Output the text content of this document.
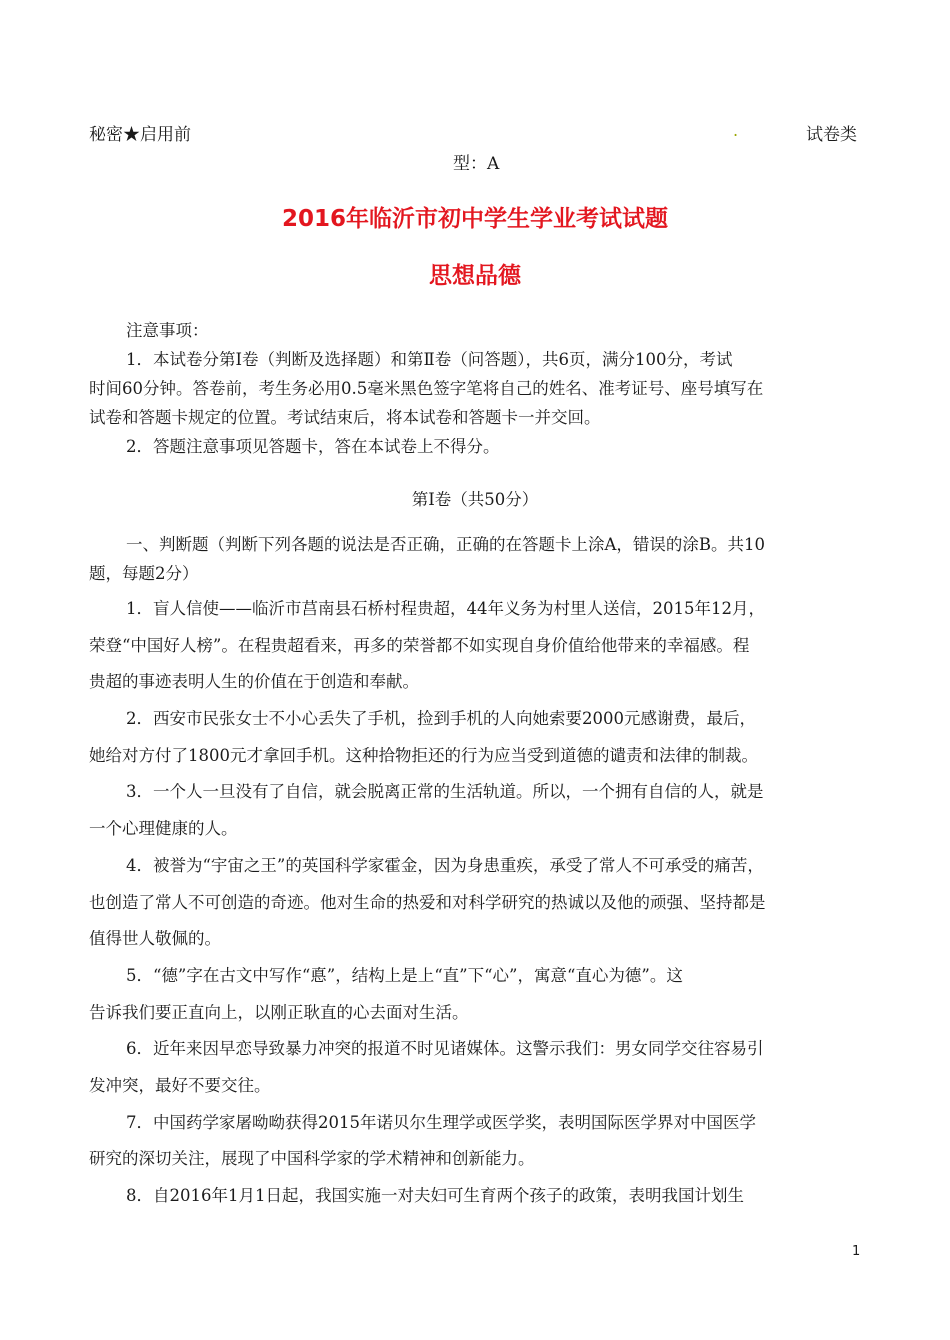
秘密★启用前	.	试卷类
型：A
2016年临沂市初中学生学业考试试题
思想品德
注意事项：
1．本试卷分第Ⅰ卷（判断及选择题）和第Ⅱ卷（问答题），共6页，满分100分，考试
时间60分钟。答卷前，考生务必用0.5毫米黑色签字笔将自己的姓名、准考证号、座号填写在
试卷和答题卡规定的位置。考试结束后，将本试卷和答题卡一并交回。
2．答题注意事项见答题卡，答在本试卷上不得分。
第Ⅰ卷（共50分）
一、判断题（判断下列各题的说法是否正确，正确的在答题卡上涂A，错误的涂B。共10
题，每题2分）
1．盲人信使——临沂市莒南县石桥村程贵超，44年义务为村里人送信，2015年12月，
荣登“中国好人榜”。在程贵超看来，再多的荣誉都不如实现自身价值给他带来的幸福感。程
贵超的事迹表明人生的价值在于创造和奉献。
2．西安市民张女士不小心丢失了手机，捡到手机的人向她索要2000元感谢费，最后，
她给对方付了1800元才拿回手机。这种拾物拒还的行为应当受到道德的谴责和法律的制裁。
3．一个人一旦没有了自信，就会脱离正常的生活轨道。所以，一个拥有自信的人，就是
一个心理健康的人。
4．被誉为“宇宙之王”的英国科学家霍金，因为身患重疾，承受了常人不可承受的痛苦，
也创造了常人不可创造的奇迹。他对生命的热爱和对科学研究的热诚以及他的顽强、坚持都是
值得世人敬佩的。
5．“德”字在古文中写作“悳”，结构上是上“直”下“心”，寓意“直心为德”。这
告诉我们要正直向上，以刚正耿直的心去面对生活。
6．近年来因早恋导致暴力冲突的报道不时见诸媒体。这警示我们：男女同学交往容易引
发冲突，最好不要交往。
7．中国药学家屠呦呦获得2015年诺贝尔生理学或医学奖，表明国际医学界对中国医学
研究的深切关注，展现了中国科学家的学术精神和创新能力。
8．自2016年1月1日起，我国实施一对夫妇可生育两个孩子的政策，表明我国计划生
1
